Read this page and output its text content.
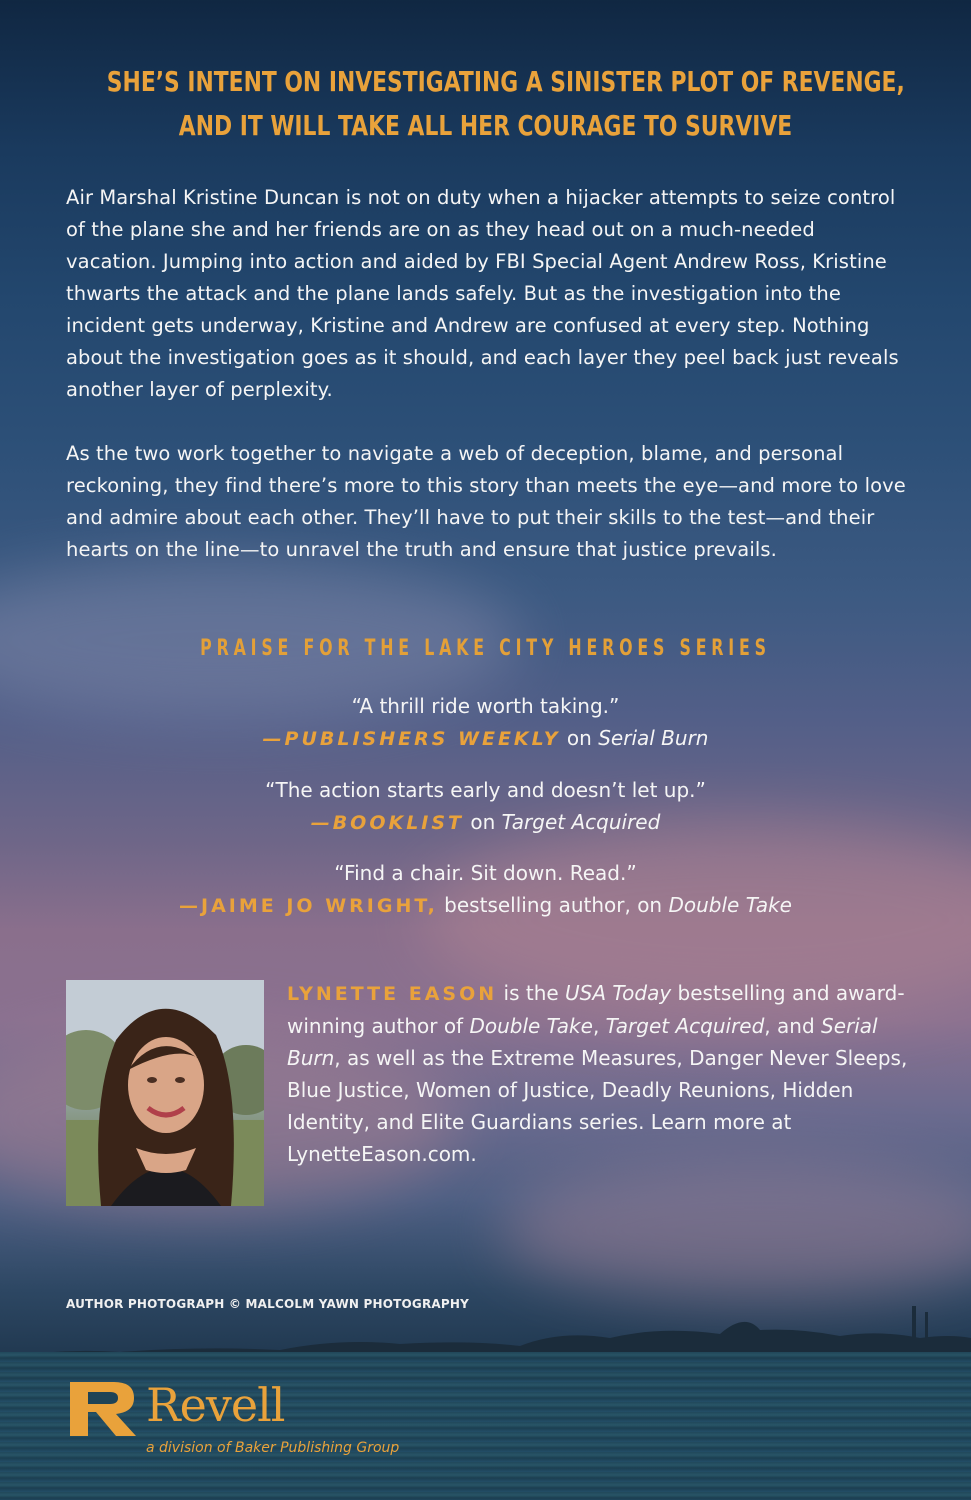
SHE’S INTENT ON INVESTIGATING A SINISTER PLOT OF REVENGE,
AND IT WILL TAKE ALL HER COURAGE TO SURVIVE
Air Marshal Kristine Duncan is not on duty when a hijacker attempts to seize control of the plane she and her friends are on as they head out on a much-needed vacation. Jumping into action and aided by FBI Special Agent Andrew Ross, Kristine thwarts the attack and the plane lands safely. But as the investigation into the incident gets underway, Kristine and Andrew are confused at every step. Nothing about the investigation goes as it should, and each layer they peel back just reveals another layer of perplexity.
As the two work together to navigate a web of deception, blame, and personal reckoning, they find there’s more to this story than meets the eye—and more to love and admire about each other. They’ll have to put their skills to the test—and their hearts on the line—to unravel the truth and ensure that justice prevails.
PRAISE FOR THE LAKE CITY HEROES SERIES
“A thrill ride worth taking.”
—PUBLISHERS WEEKLY on Serial Burn
“The action starts early and doesn’t let up.”
—BOOKLIST on Target Acquired
“Find a chair. Sit down. Read.”
—JAIME JO WRIGHT, bestselling author, on Double Take
LYNETTE EASON is the USA Today bestselling and award-winning author of Double Take, Target Acquired, and Serial Burn, as well as the Extreme Measures, Danger Never Sleeps, Blue Justice, Women of Justice, Deadly Reunions, Hidden Identity, and Elite Guardians series. Learn more at LynetteEason.com.
AUTHOR PHOTOGRAPH © MALCOLM YAWN PHOTOGRAPHY
Revell
a division of Baker Publishing Group
